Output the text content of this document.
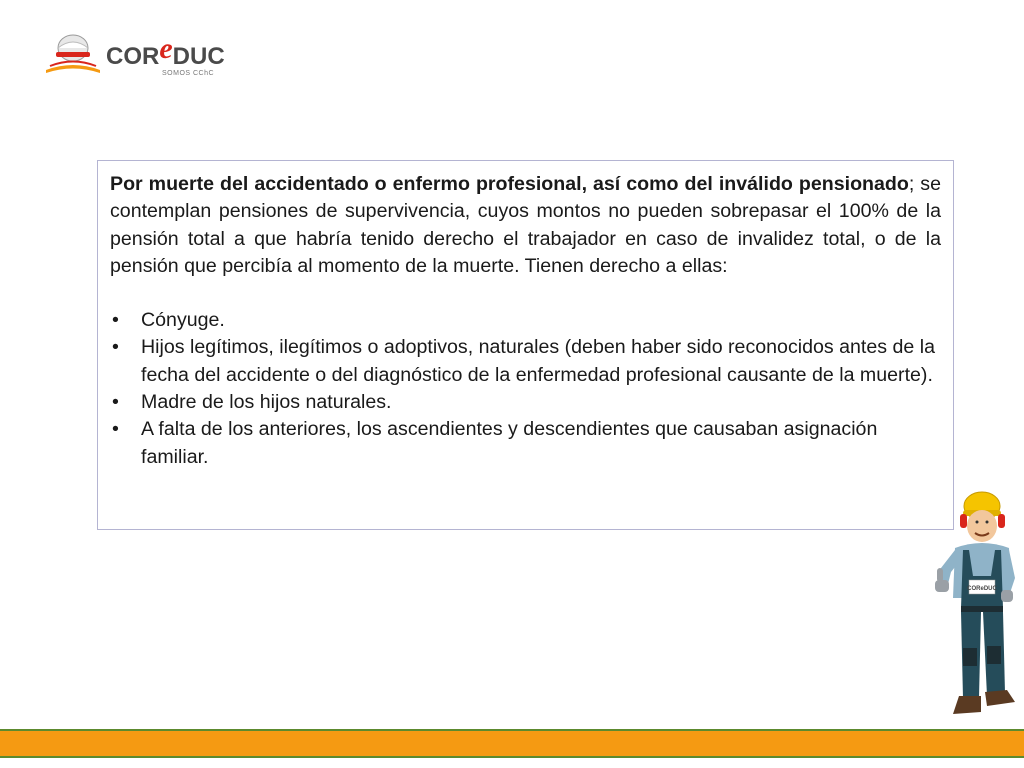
COReDUC
SOMOS CChC

Por muerte del accidentado o enfermo profesional, así como del inválido pensionado; se contemplan pensiones de supervivencia, cuyos montos no pueden sobrepasar el 100% de la pensión total a que habría tenido derecho el trabajador en caso de invalidez total, o de la pensión que percibía al momento de la muerte. Tienen derecho a ellas:

• Cónyuge.
• Hijos legítimos, ilegítimos o adoptivos, naturales (deben haber sido reconocidos antes de la fecha del accidente o del diagnóstico de la enfermedad profesional causante de la muerte).
• Madre de los hijos naturales.
• A falta de los anteriores, los ascendientes y descendientes que causaban asignación familiar.
COReDUC
